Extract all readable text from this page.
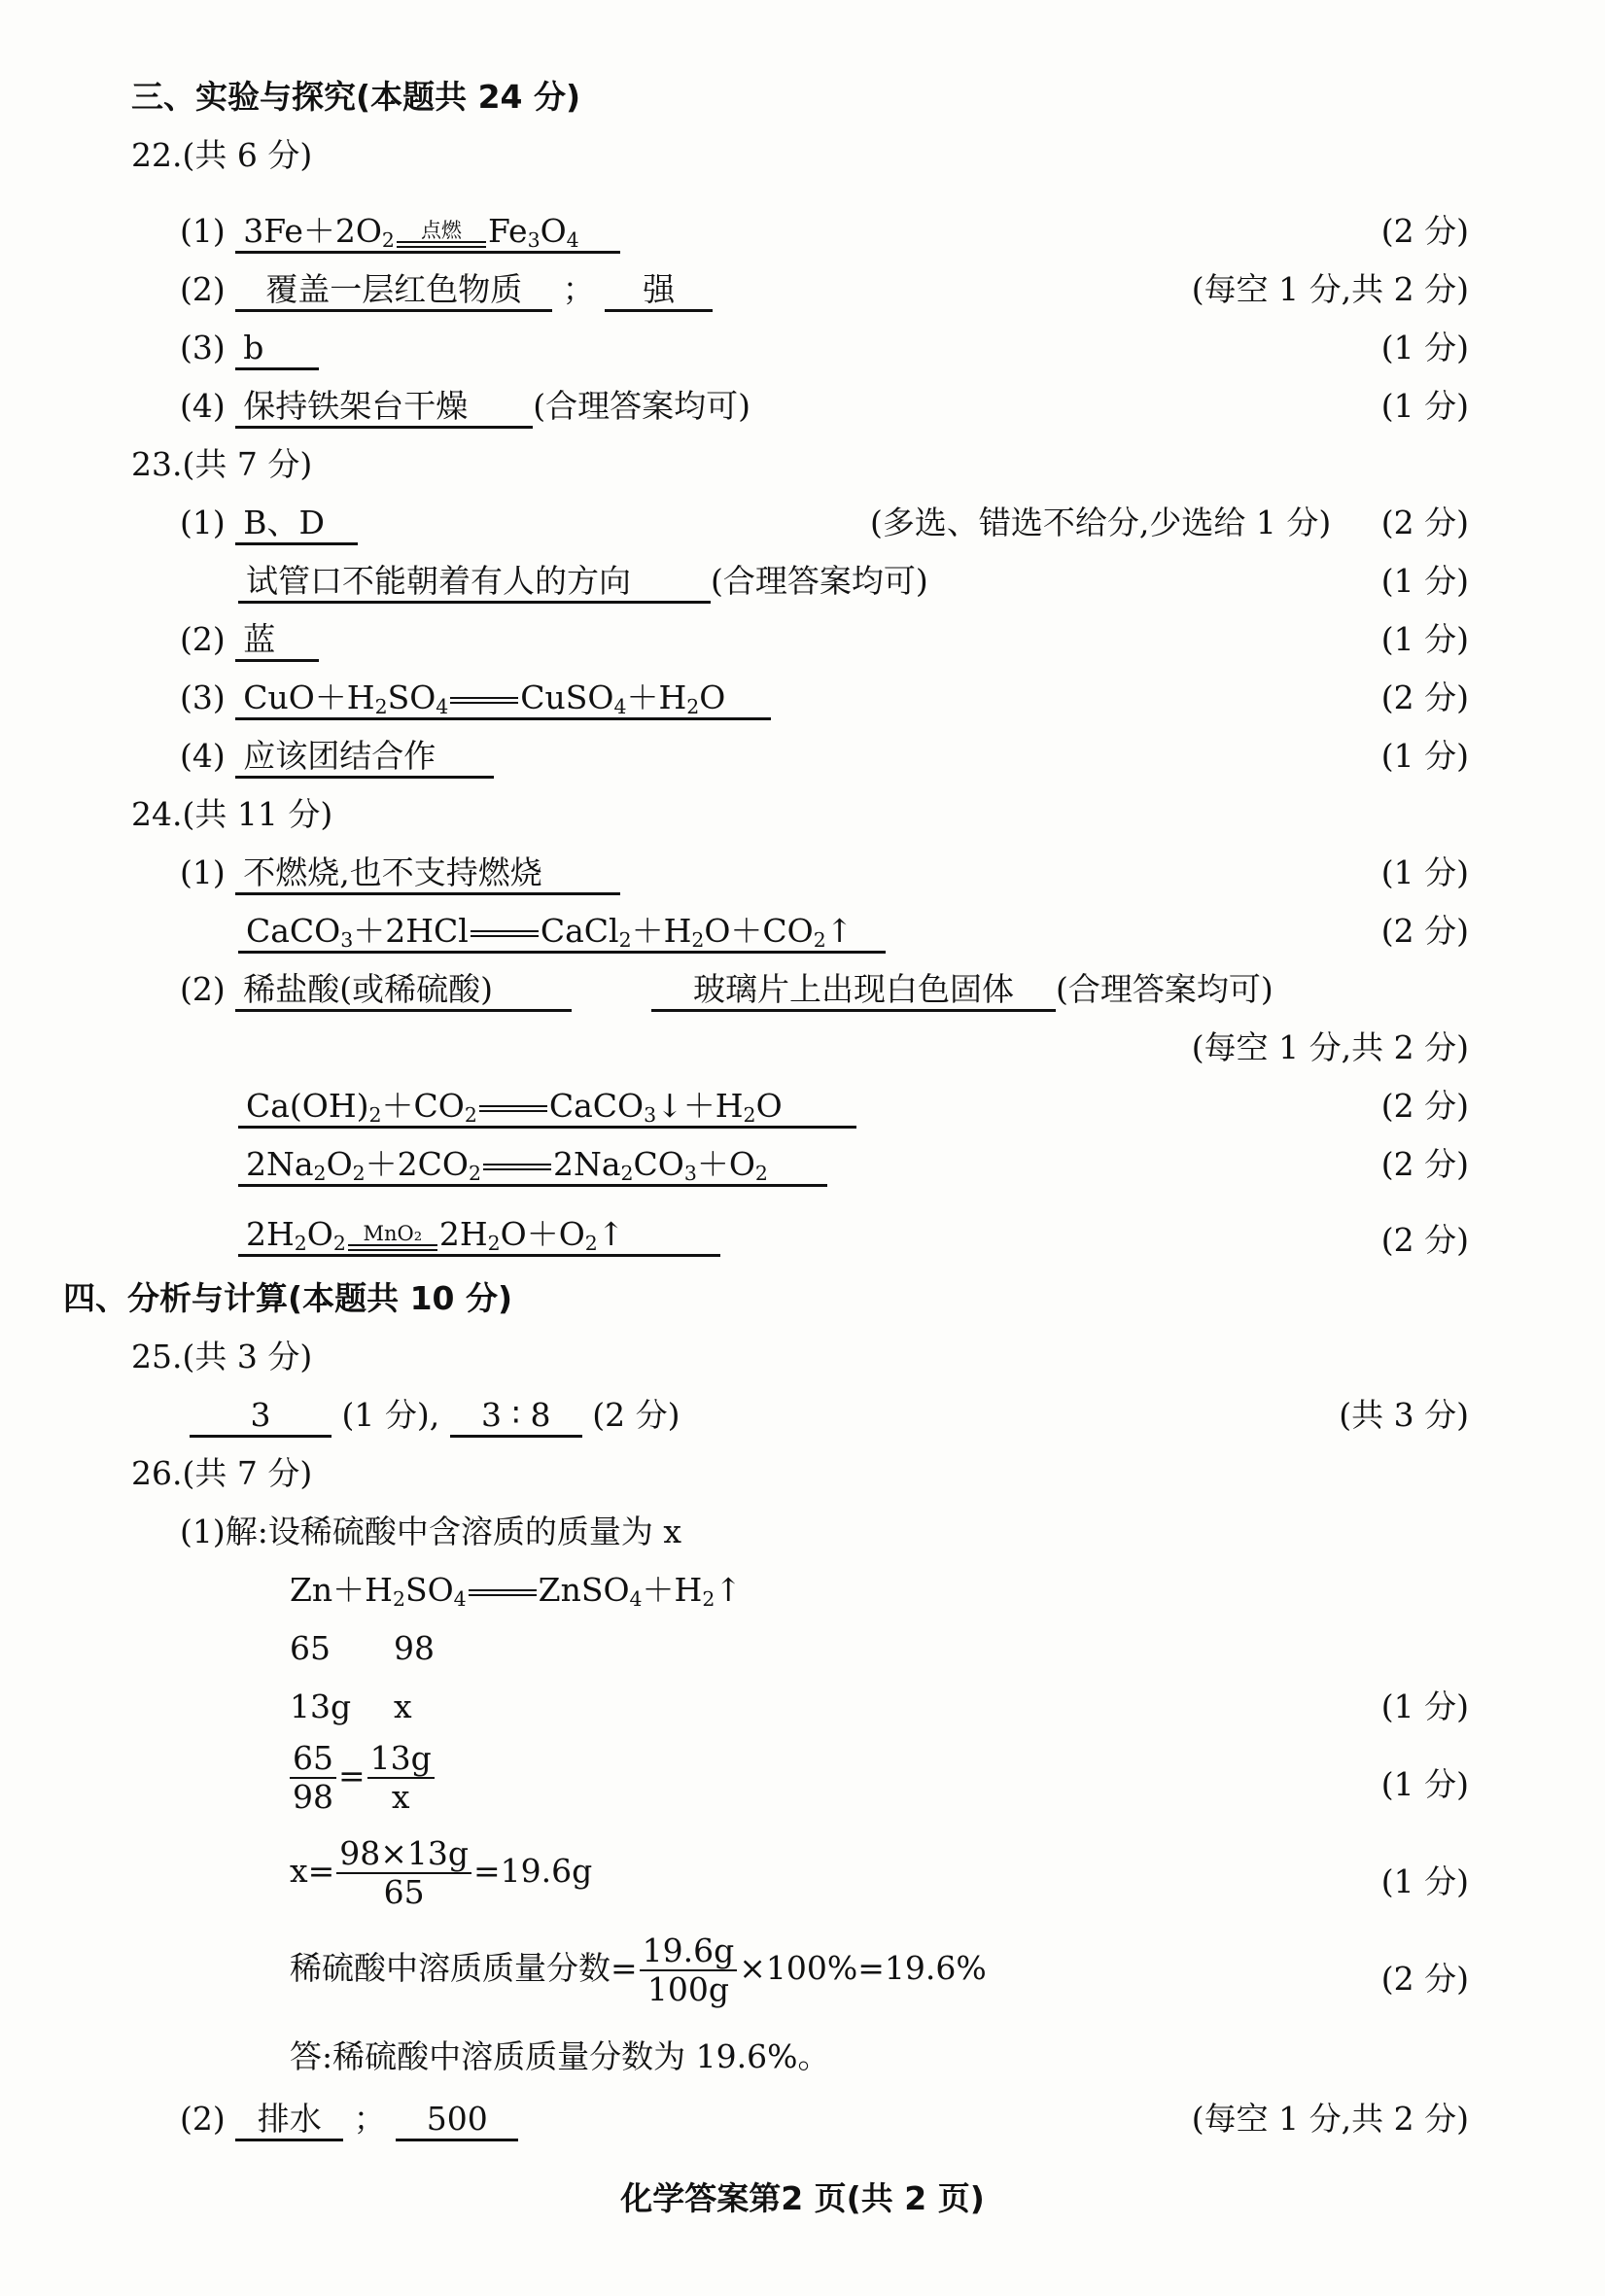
三、实验与探究(本题共 24 分)
22.(共 6 分)
(1) $3Fe+2O_2$ 点燃 $Fe_3O_4$	(2 分)
(2) 覆盖一层红色物质 ； 强	(每空 1 分,共 2 分)
(3) b	(1 分)
(4) 保持铁架台干燥 (合理答案均可)	(1 分)
23.(共 7 分)
(1) B、D	(多选、错选不给分,少选给 1 分) (2 分)
试管口不能朝着有人的方向 (合理答案均可)	(1 分)
(2) 蓝	(1 分)
(3) $CuO+H_2SO_4$ $CuSO_4+H_2O$	(2 分)
(4) 应该团结合作	(1 分)
24.(共 11 分)
(1) 不燃烧,也不支持燃烧	(1 分)
CaCO$_3$＋2HCl $CaCl_2+H_2O+CO_2↑$	(2 分)
(2) 稀盐酸(或稀硫酸)	玻璃片上出现白色固体 (合理答案均可)
(每空 1 分,共 2 分)
$Ca(OH)_2+CO_2$ $CaCO_3↓+H_2O$	(2 分)
$2Na_2O_2+2CO_2$ $2Na_2CO_3+O_2$	(2 分)
$2H_2O_2$ MnO₂ $2H_2O+O_2↑$	(2 分)
四、分析与计算(本题共 10 分)
25.(共 3 分)
3 (1 分), 3 ∶ 8 (2 分)	(共 3 分)
26.(共 7 分)
(1)解:设稀硫酸中含溶质的质量为 x
$Zn+H_2SO_4$ $ZnSO_4+H_2↑$
65 98
13g x	(1 分)
$\frac{65}{98} = \frac{13g}{x}$	(1 分)
$x= \frac{98\times 13g}{65} =19.6g$	(1 分)
稀硫酸中溶质质量分数= $\frac{19.6g}{100g} \times 100\%=19.6\%$	(2 分)
答:稀硫酸中溶质质量分数为 19.6%。
(2) 排水 ； 500	(每空 1 分,共 2 分)
化学答案第2 页(共 2 页)
